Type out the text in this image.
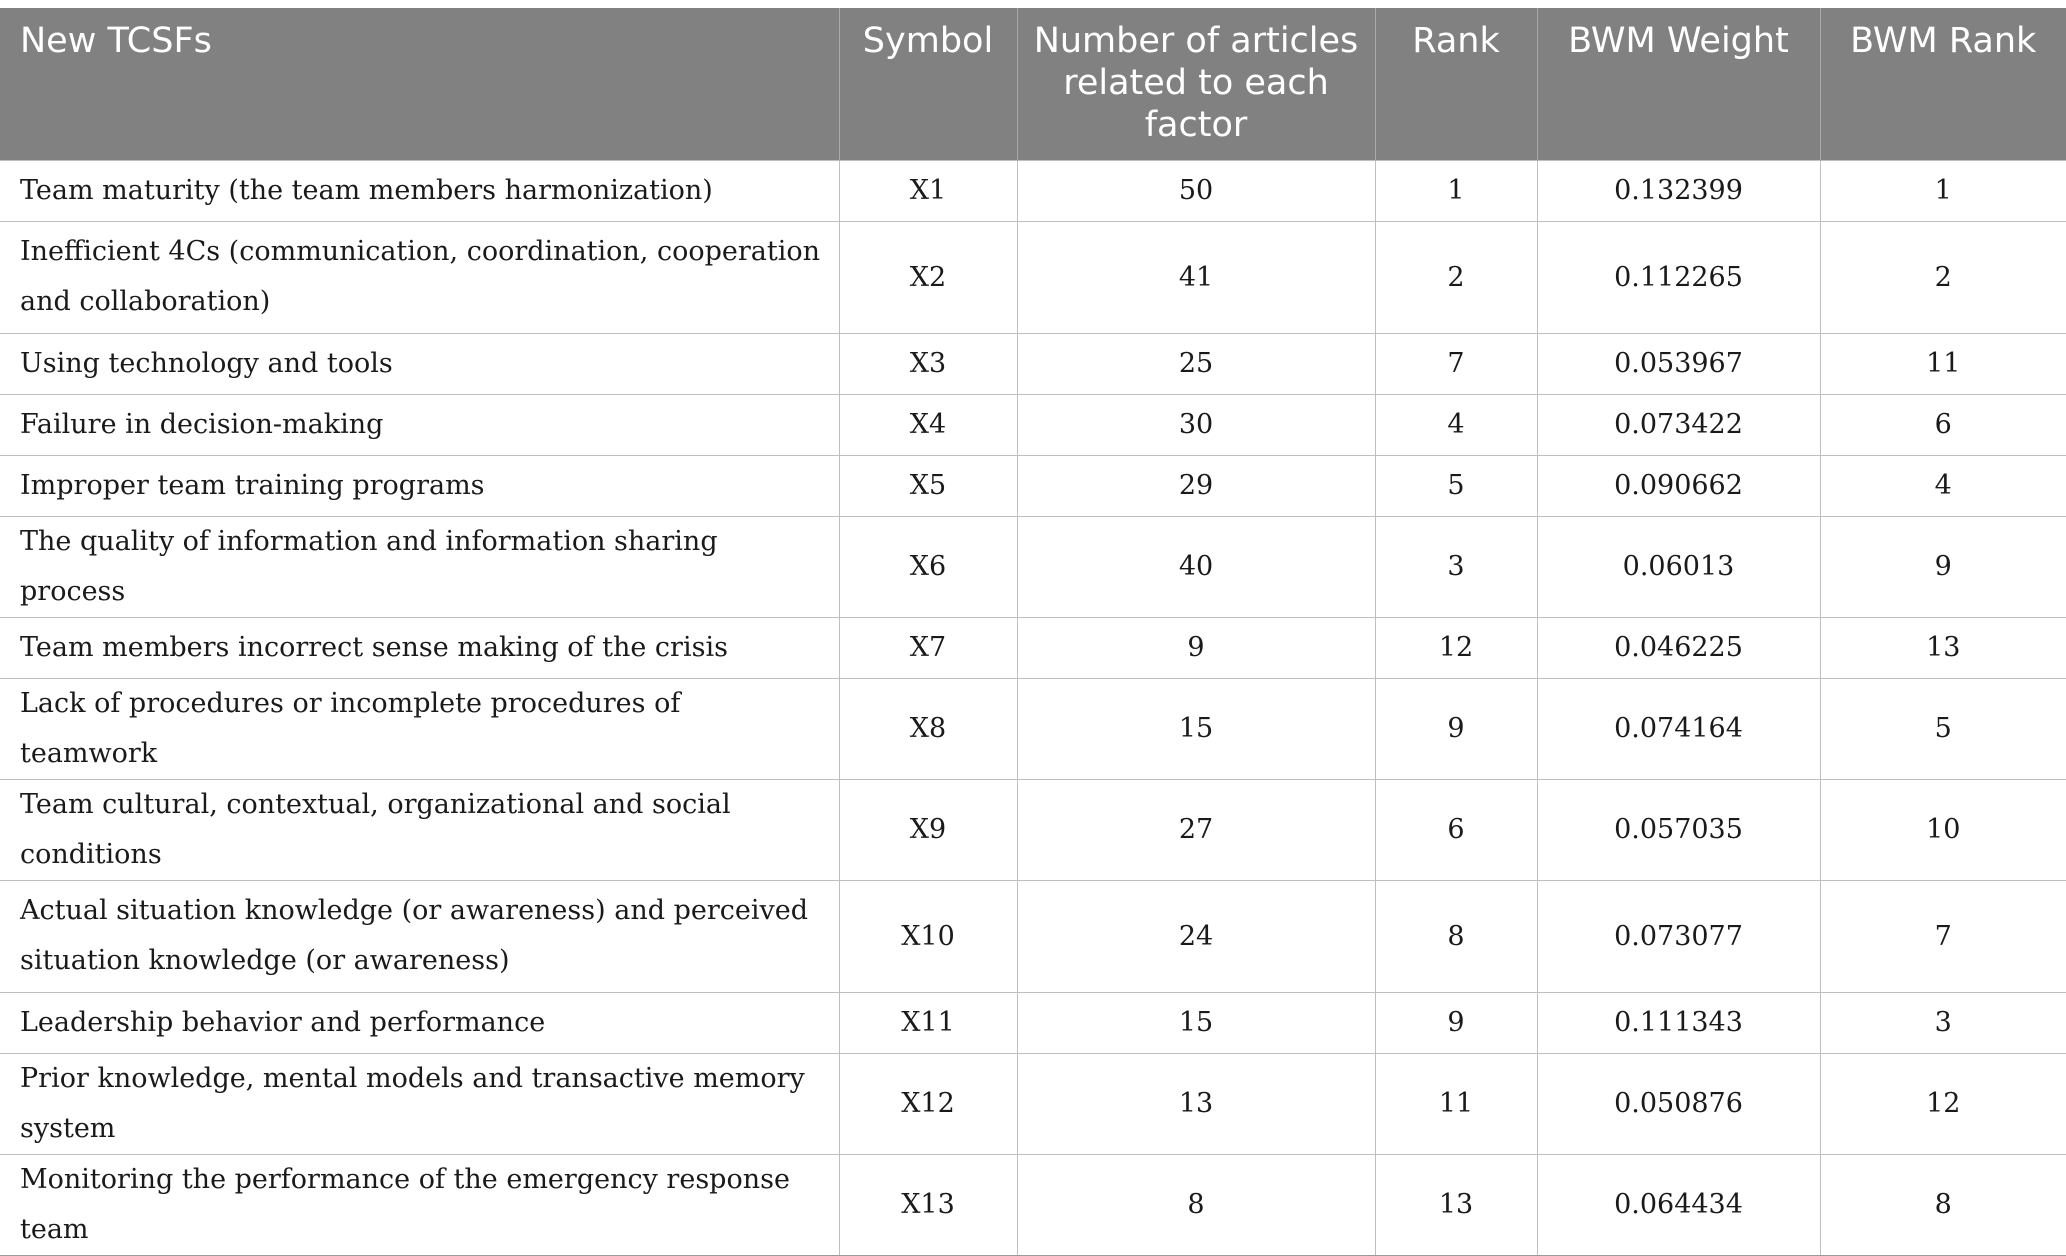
New TCSFs	Symbol	Number of articles related to each factor	Rank	BWM Weight	BWM Rank
Team maturity (the team members harmonization)	X1	50	1	0.132399	1
Inefficient 4Cs (communication, coordination, cooperation and collaboration)	X2	41	2	0.112265	2
Using technology and tools	X3	25	7	0.053967	11
Failure in decision-making	X4	30	4	0.073422	6
Improper team training programs	X5	29	5	0.090662	4
The quality of information and information sharing process	X6	40	3	0.06013	9
Team members incorrect sense making of the crisis	X7	9	12	0.046225	13
Lack of procedures or incomplete procedures of teamwork	X8	15	9	0.074164	5
Team cultural, contextual, organizational and social conditions	X9	27	6	0.057035	10
Actual situation knowledge (or awareness) and perceived situation knowledge (or awareness)	X10	24	8	0.073077	7
Leadership behavior and performance	X11	15	9	0.111343	3
Prior knowledge, mental models and transactive memory system	X12	13	11	0.050876	12
Monitoring the performance of the emergency response team	X13	8	13	0.064434	8
